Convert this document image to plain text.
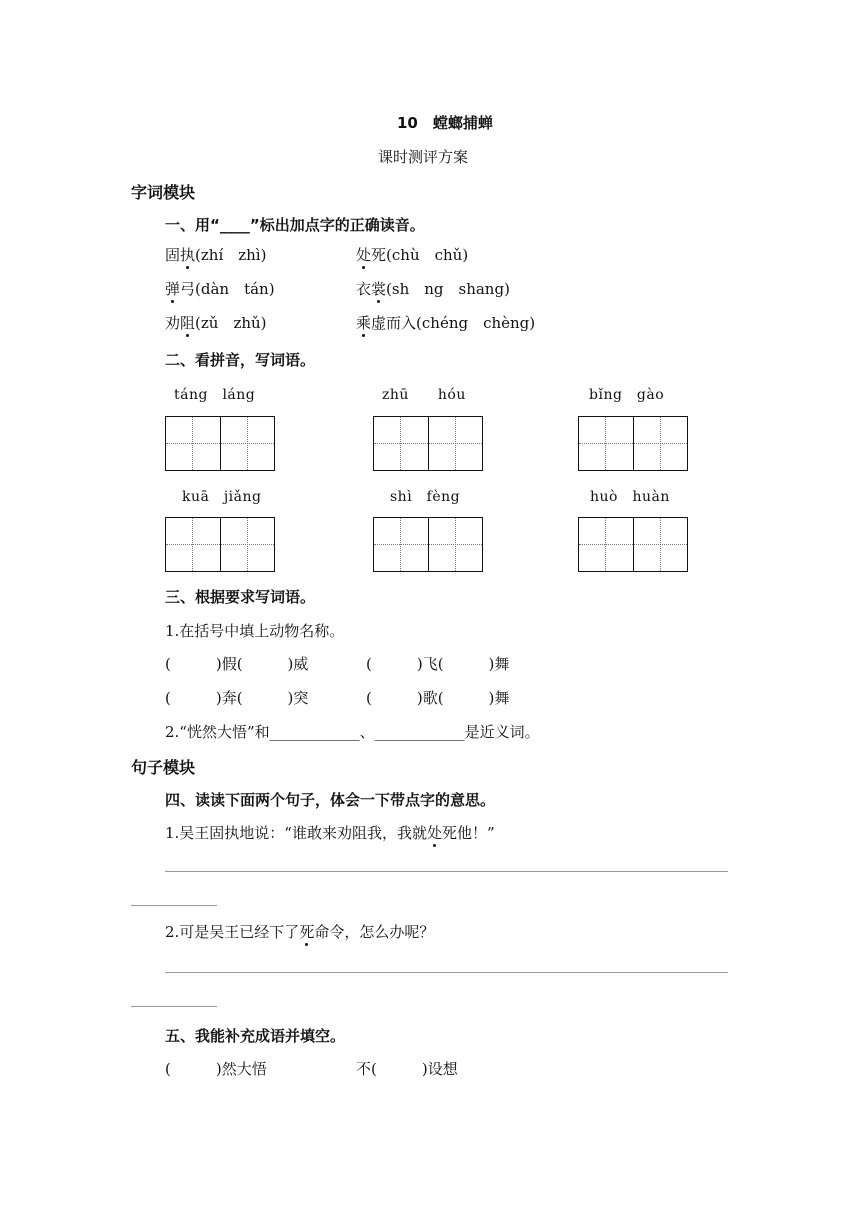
10　螳螂捕蝉
课时测评方案
字词模块
一、用“____”标出加点字的正确读音。
固执(zhí　zhì)	处死(chù　chǔ)
弹弓(dàn　tán)	衣裳(sh　ng　shang)
劝阻(zǔ　zhǔ)	乘虚而入(chéng　chèng)
二、看拼音，写词语。
táng　láng	zhū　　hóu	bǐng　gào
kuā　jiǎng	shì　fèng	huò　huàn
三、根据要求写词语。
1.在括号中填上动物名称。
(　　　)假(　　　)威	(　　　)飞(　　　)舞
(　　　)奔(　　　)突	(　　　)歌(　　　)舞
2.“恍然大悟”和____________、____________是近义词。
句子模块
四、读读下面两个句子，体会一下带点字的意思。
1.吴王固执地说：“谁敢来劝阻我，我就处死他！”
2.可是吴王已经下了死命令，怎么办呢？
五、我能补充成语并填空。
(　　　)然大悟	不(　　　)设想
